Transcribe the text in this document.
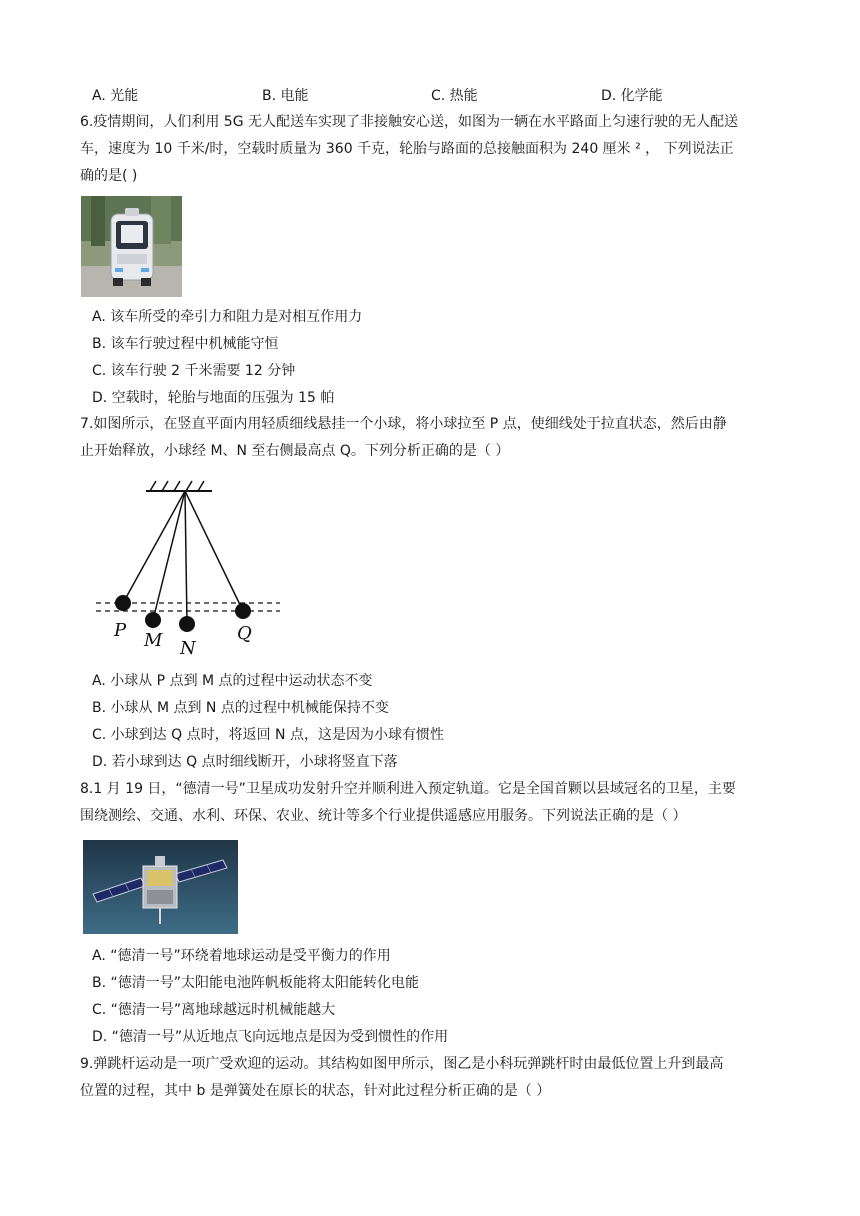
A. 光能	B. 电能	C. 热能	D. 化学能
6.疫情期间，人们利用 5G 无人配送车实现了非接触安心送，如图为一辆在水平路面上匀速行驶的无人配送
车，速度为 10 千米/时，空载时质量为 360 千克，轮胎与路面的总接触面积为 240 厘米 ² ， 下列说法正
确的是( )
A. 该车所受的牵引力和阻力是对相互作用力
B. 该车行驶过程中机械能守恒
C. 该车行驶 2 千米需要 12 分钟
D. 空载时，轮胎与地面的压强为 15 帕
7.如图所示，在竖直平面内用轻质细线悬挂一个小球，将小球拉至 P 点，使细线处于拉直状态，然后由静
止开始释放，小球经 M、N 至右侧最高点 Q。下列分析正确的是（ ）
P M N
Q
A. 小球从 P 点到 M 点的过程中运动状态不变
B. 小球从 M 点到 N 点的过程中机械能保持不变
C. 小球到达 Q 点时，将返回 N 点，这是因为小球有惯性
D. 若小球到达 Q 点时细线断开，小球将竖直下落
8.1 月 19 日，“德清一号”卫星成功发射升空并顺利进入预定轨道。它是全国首颗以县域冠名的卫星，主要
围绕测绘、交通、水利、环保、农业、统计等多个行业提供遥感应用服务。下列说法正确的是（ ）
A. “德清一号”环绕着地球运动是受平衡力的作用
B. “德清一号”太阳能电池阵帆板能将太阳能转化电能
C. “德清一号”离地球越远时机械能越大
D. “德清一号”从近地点飞向远地点是因为受到惯性的作用
9.弹跳杆运动是一项广受欢迎的运动。其结构如图甲所示，图乙是小科玩弹跳杆时由最低位置上升到最高
位置的过程，其中 b 是弹簧处在原长的状态，针对此过程分析正确的是（ ）
